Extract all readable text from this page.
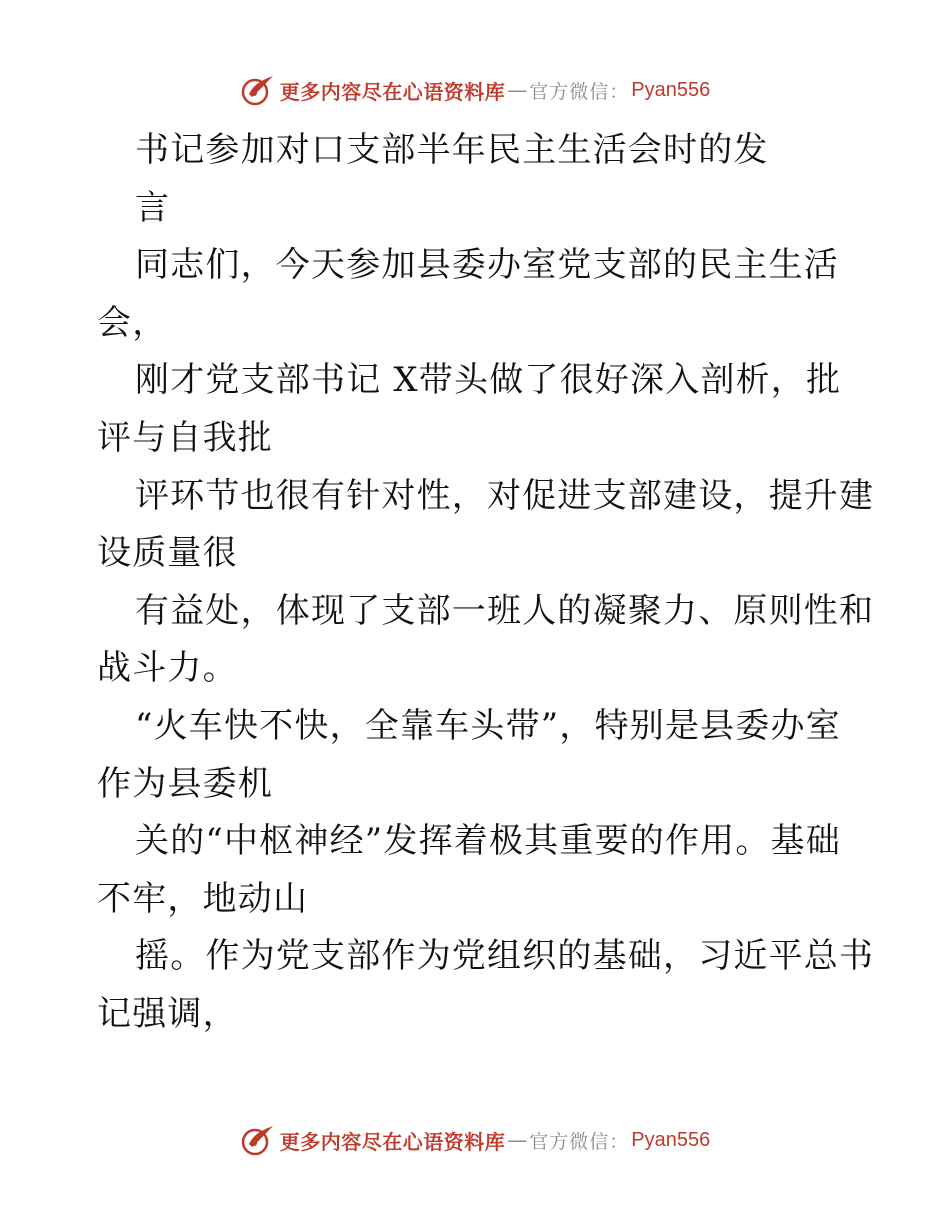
更多内容尽在心语资料库 — 官方微信： Pyan556
书记参加对口支部半年民主生活会时的发
言
同志们，今天参加县委办室党支部的民主生活
会，
刚才党支部书记 X带头做了很好深入剖析，批
评与自我批
评环节也很有针对性，对促进支部建设，提升建
设质量很
有益处，体现了支部一班人的凝聚力、原则性和
战斗力。
“火车快不快，全靠车头带”，特别是县委办室
作为县委机
关的“中枢神经”发挥着极其重要的作用。基础
不牢，地动山
摇。作为党支部作为党组织的基础，习近平总书
记强调，
更多内容尽在心语资料库 — 官方微信： Pyan556
